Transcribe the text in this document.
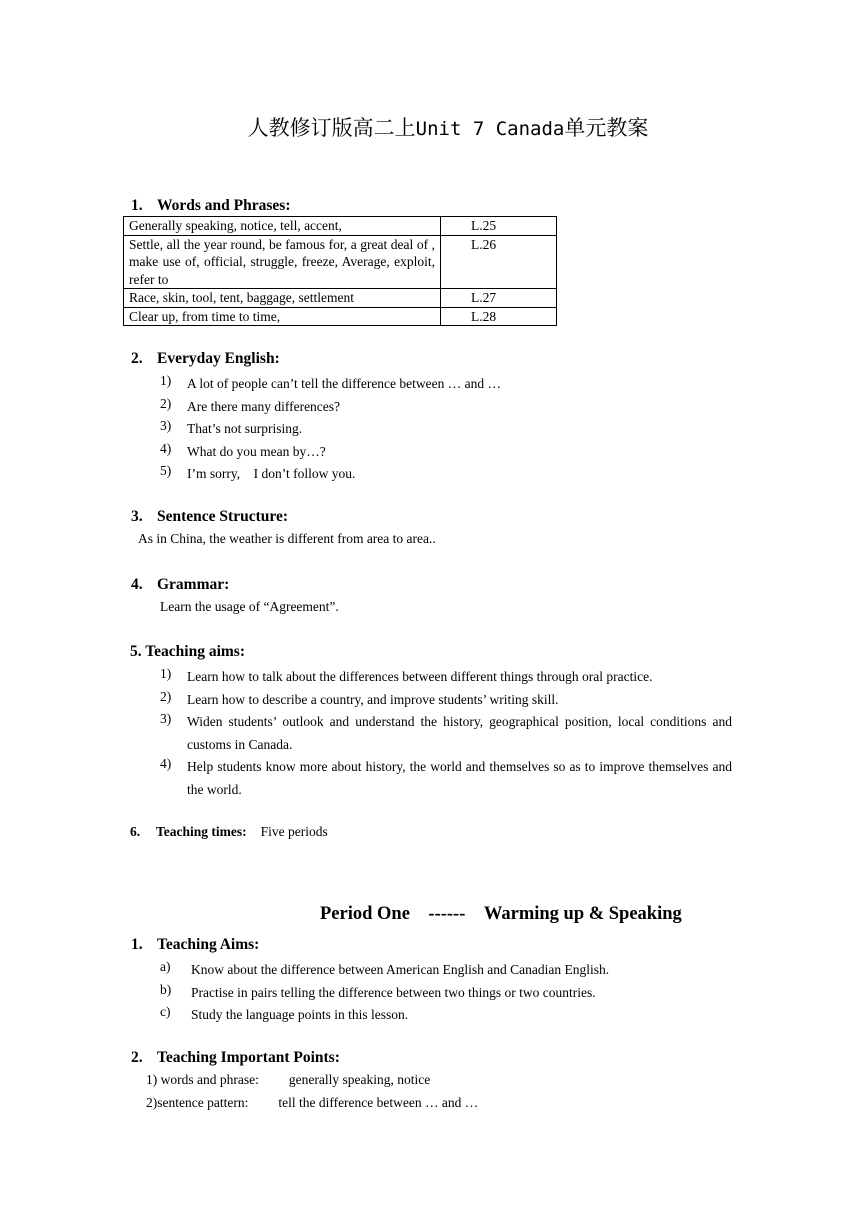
人教修订版高二上Unit 7 Canada单元教案
1. Words and Phrases:
Generally speaking, notice, tell, accent,	L.25
Settle, all the year round, be famous for, a great deal of , make use of, official, struggle, freeze, Average, exploit, refer to	L.26
Race, skin, tool, tent, baggage, settlement	L.27
Clear up, from time to time,	L.28
2. Everyday English:
1) A lot of people can’t tell the difference between … and …
2) Are there many differences?
3) That’s not surprising.
4) What do you mean by…?
5) I’m sorry,　I don’t follow you.
3. Sentence Structure:
As in China, the weather is different from area to area..
4. Grammar:
Learn the usage of “Agreement”.
5. Teaching aims:
1) Learn how to talk about the differences between different things through oral practice.
2) Learn how to describe a country, and improve students’ writing skill.
3) Widen students’ outlook and understand the history, geographical position, local conditions and customs in Canada.
4) Help students know more about history, the world and themselves so as to improve themselves and the world.
6. Teaching times: Five periods
Period One　------　Warming up & Speaking
1. Teaching Aims:
a) Know about the difference between American English and Canadian English.
b) Practise in pairs telling the difference between two things or two countries.
c) Study the language points in this lesson.
2. Teaching Important Points:
1) words and phrase: generally speaking, notice
2)sentence pattern: tell the difference between … and …
